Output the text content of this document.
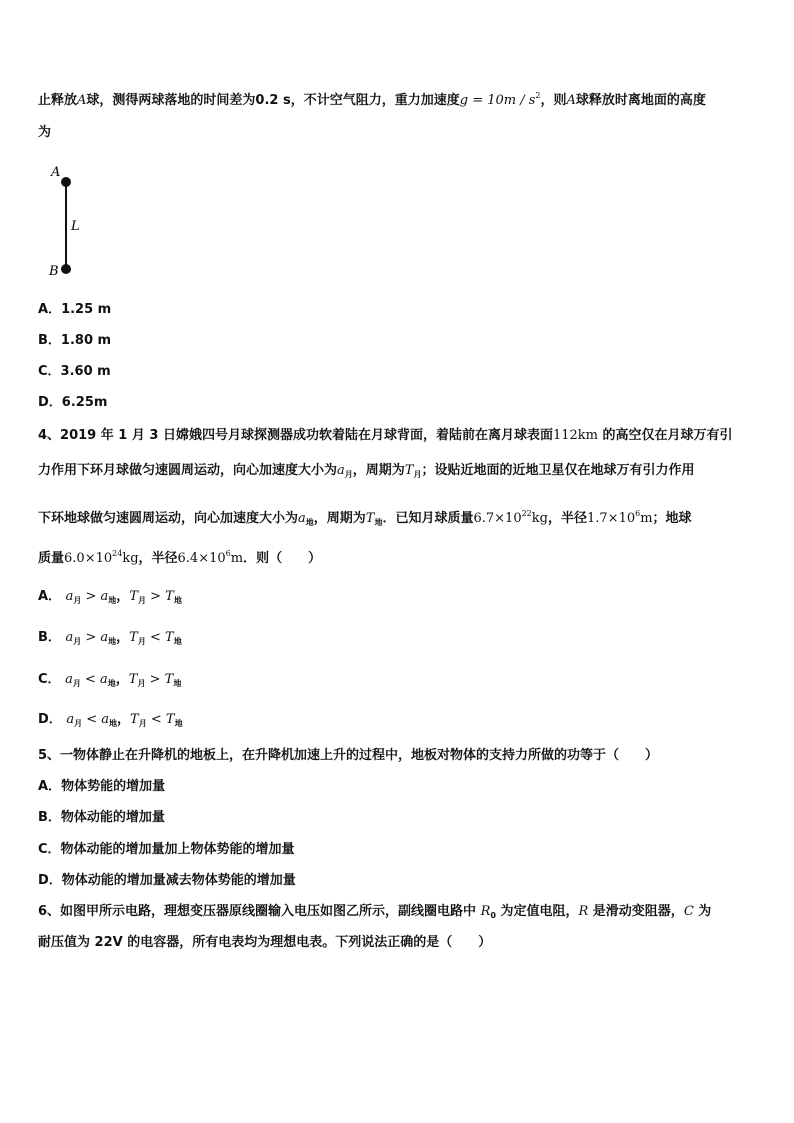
止释放A球，测得两球落地的时间差为0.2 s，不计空气阻力，重力加速度$g = 10m / s^2$，则A球释放时离地面的高度
为
A
B
L
A．1.25 m
B．1.80 m
C．3.60 m
D．6.25m
4、2019 年 1 月 3 日嫦娥四号月球探测器成功软着陆在月球背面，着陆前在离月球表面112km 的高空仅在月球万有引
力作用下环月球做匀速圆周运动，向心加速度大小为$a_月$，周期为$T_月$；设贴近地面的近地卫星仅在地球万有引力作用
下环地球做匀速圆周运动，向心加速度大小为$a_地$，周期为$T_地$．已知月球质量$6.7\times 10^{22}kg$，半径$1.7\times 10^6m$；地球
质量$6.0\times 10^{24}kg$，半径$6.4\times 10^6m$．则（　　）
A． $a_月 > a_地$，$T_月 > T_地$
B． $a_月 > a_地$，$T_月 < T_地$
C． $a_月 < a_地$，$T_月 > T_地$
D． $a_月 < a_地$，$T_月 < T_地$
5、一物体静止在升降机的地板上，在升降机加速上升的过程中，地板对物体的支持力所做的功等于（　　）
A．物体势能的增加量
B．物体动能的增加量
C．物体动能的增加量加上物体势能的增加量
D．物体动能的增加量减去物体势能的增加量
6、如图甲所示电路，理想变压器原线圈输入电压如图乙所示，副线圈电路中 $R_0$ 为定值电阻，R 是滑动变阻器，C 为
耐压值为 22V 的电容器，所有电表均为理想电表。下列说法正确的是（　　）
